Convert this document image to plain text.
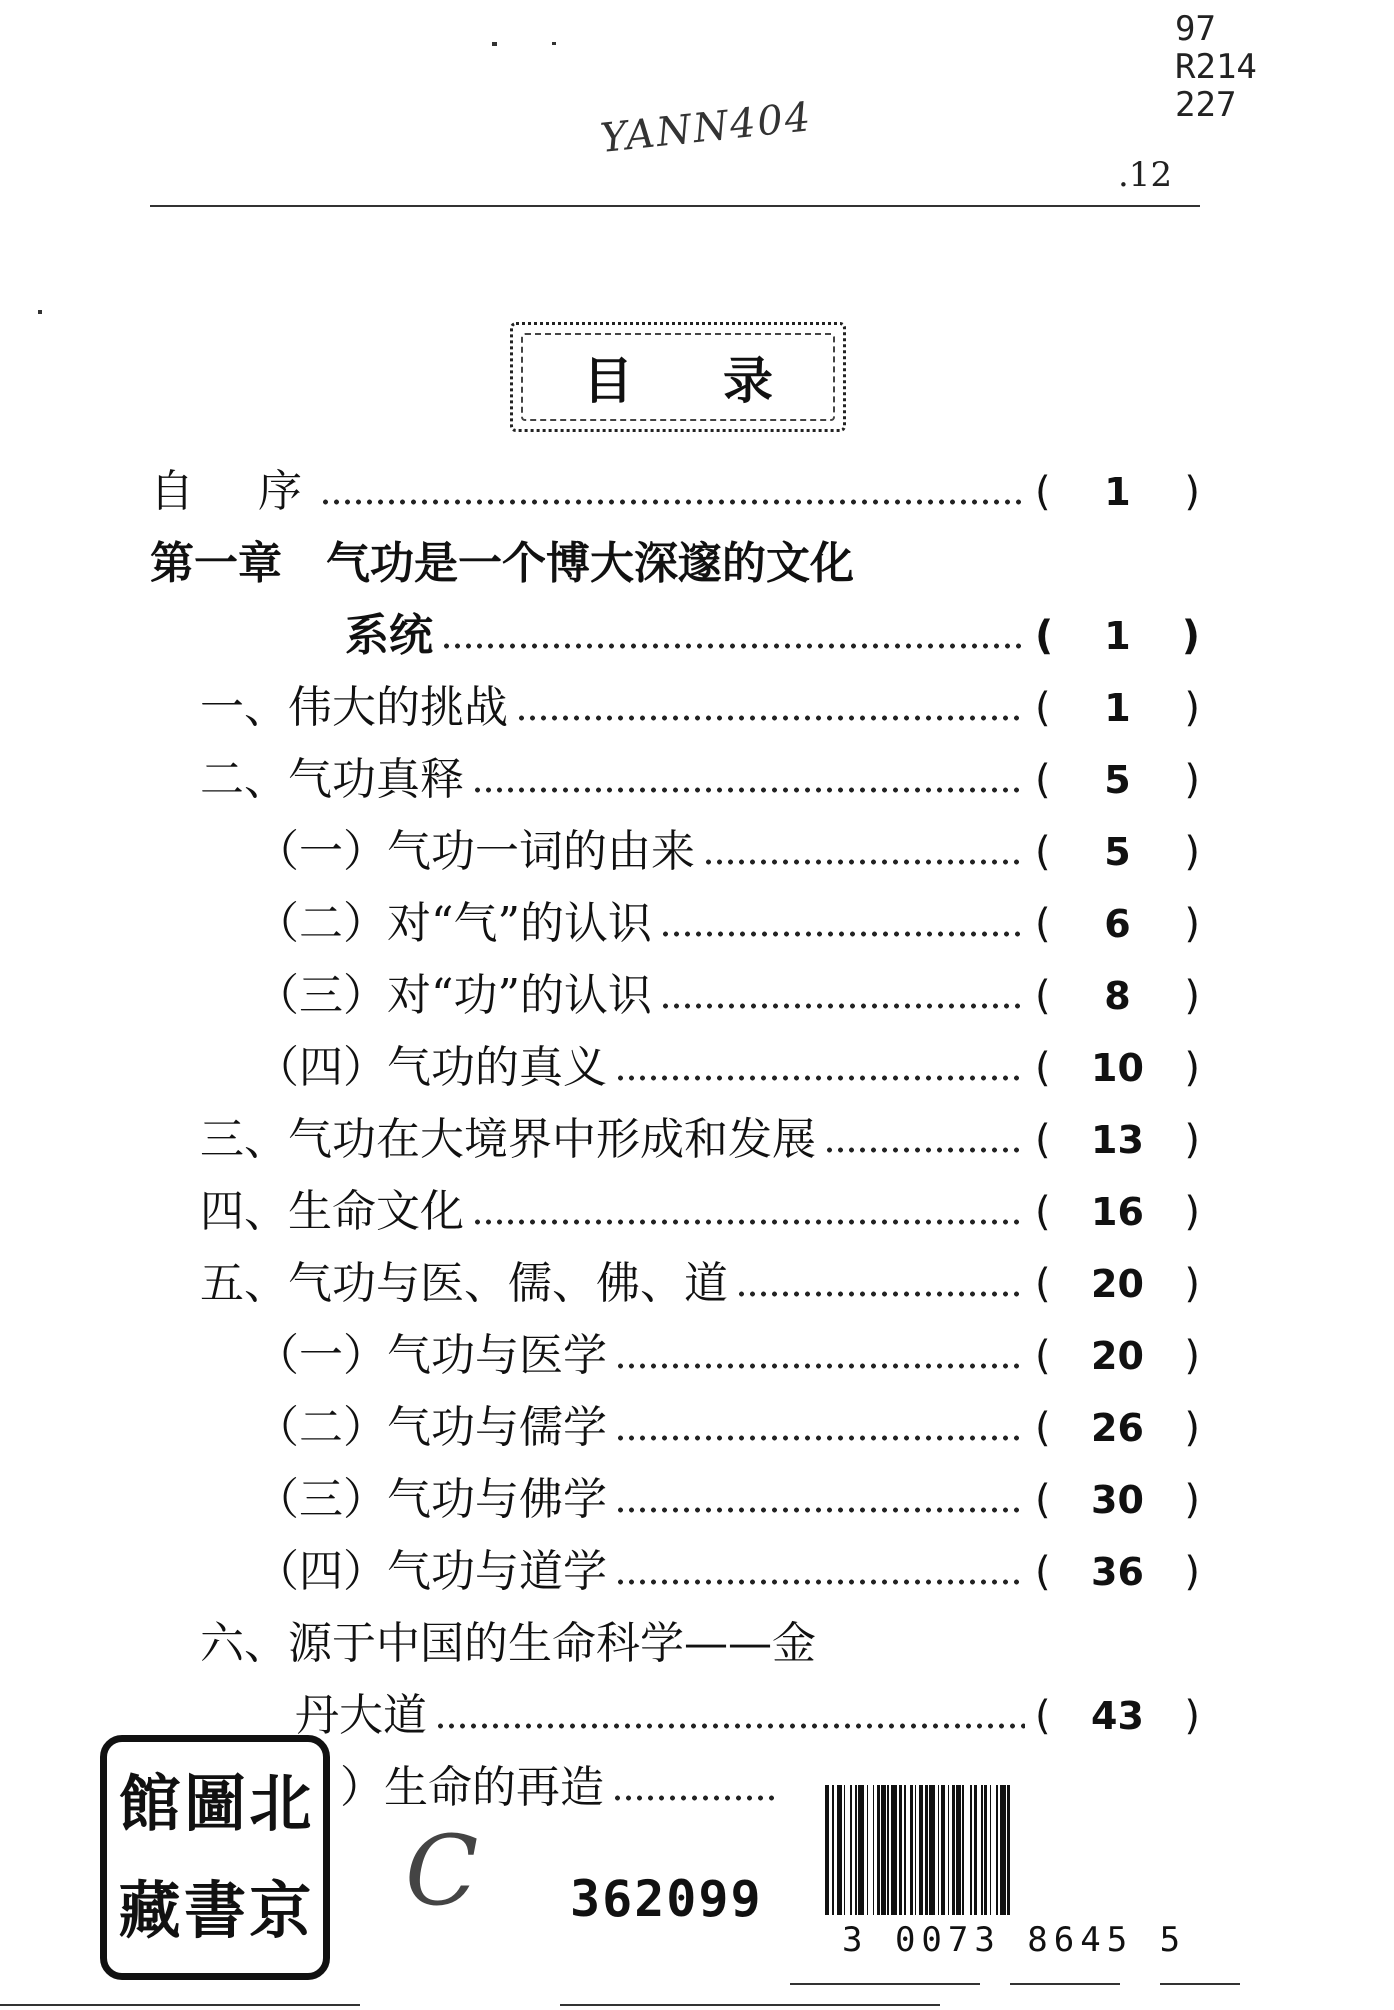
97
R214
227
YANN404
.12
目录
自　序	( 1 )
第一章　气功是一个博大深邃的文化
系统	( 1 )
一、伟大的挑战	( 1 )
二、气功真释	( 5 )
（一）气功一词的由来	( 5 )
（二）对“气”的认识	( 6 )
（三）对“功”的认识	( 8 )
（四）气功的真义	( 10 )
三、气功在大境界中形成和发展	( 13 )
四、生命文化	( 16 )
五、气功与医、儒、佛、道	( 20 )
（一）气功与医学	( 20 )
（二）气功与儒学	( 26 )
（三）气功与佛学	( 30 )
（四）气功与道学	( 36 )
六、源于中国的生命科学——金
丹大道	( 43 )
）生命的再造
館 圖 北
藏 書 京 C 362099
3 0073 8645 5
